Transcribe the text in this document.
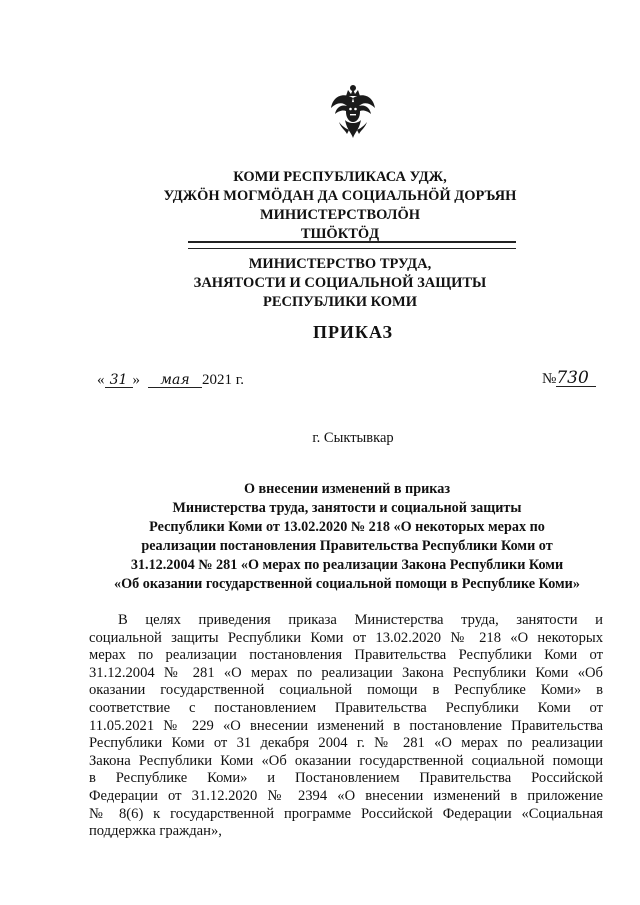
КОМИ РЕСПУБЛИКАСА УДЖ,
УДЖӦН МОГМӦДАН ДА СОЦИАЛЬНӦЙ ДОРЪЯН
МИНИСТЕРСТВОЛӦН
ТШӦКТӦД
МИНИСТЕРСТВО ТРУДА,
ЗАНЯТОСТИ И СОЦИАЛЬНОЙ ЗАЩИТЫ
РЕСПУБЛИКИ КОМИ
ПРИКАЗ
« 31 » мая 2021 г.	№730
г. Сыктывкар
О внесении изменений в приказ
Министерства труда, занятости и социальной защиты
Республики Коми от 13.02.2020 № 218 «О некоторых мерах по
реализации постановления Правительства Республики Коми от
31.12.2004 № 281 «О мерах по реализации Закона Республики Коми
«Об оказании государственной социальной помощи в Республике Коми»
В целях приведения приказа Министерства труда, занятости и
социальной защиты Республики Коми от 13.02.2020 № 218 «О некоторых
мерах по реализации постановления Правительства Республики Коми от
31.12.2004 № 281 «О мерах по реализации Закона Республики Коми «Об
оказании государственной социальной помощи в Республике Коми» в
соответствие с постановлением Правительства Республики Коми от
11.05.2021 № 229 «О внесении изменений в постановление Правительства
Республики Коми от 31 декабря 2004 г. № 281 «О мерах по реализации
Закона Республики Коми «Об оказании государственной социальной помощи
в Республике Коми» и Постановлением Правительства Российской
Федерации от 31.12.2020 № 2394 «О внесении изменений в приложение
№ 8(6) к государственной программе Российской Федерации «Социальная
поддержка граждан»,
